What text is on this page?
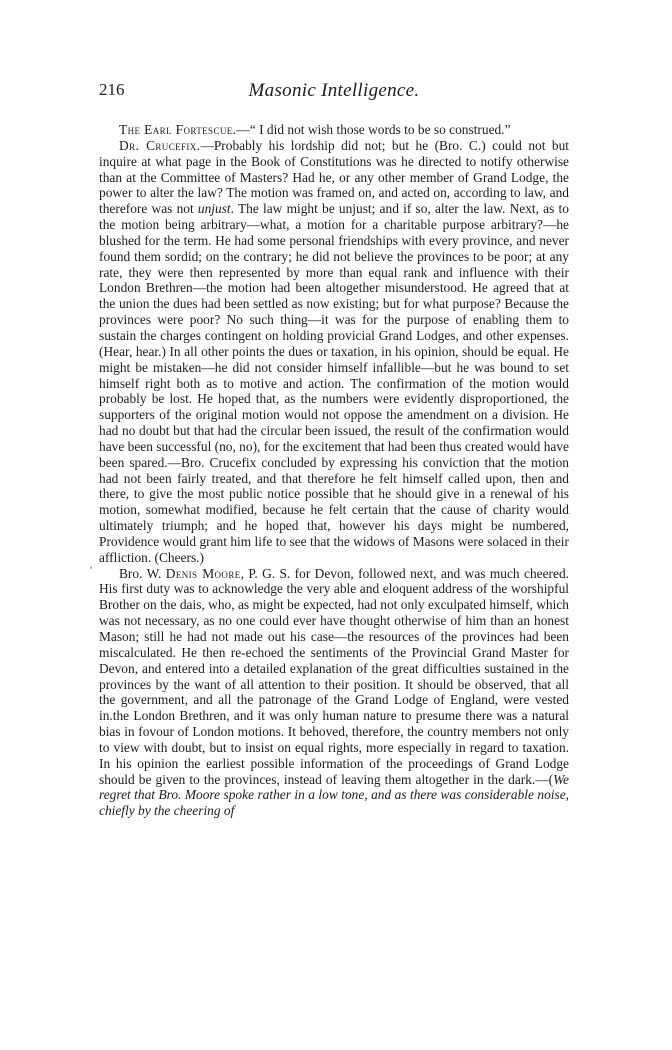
216	Masonic Intelligence.
'

The Earl Fortescue.—“ I did not wish those words to be so construed.”

Dr. Crucefix.—Probably his lordship did not; but he (Bro. C.) could not but inquire at what page in the Book of Constitutions was he directed to notify otherwise than at the Committee of Masters? Had he, or any other member of Grand Lodge, the power to alter the law? The motion was framed on, and acted on, according to law, and therefore was not unjust. The law might be unjust; and if so, alter the law. Next, as to the motion being arbitrary—what, a motion for a charitable purpose arbitrary?—he blushed for the term. He had some personal friendships with every province, and never found them sordid; on the contrary; he did not believe the provinces to be poor; at any rate, they were then represented by more than equal rank and influence with their London Brethren—the motion had been altogether misunderstood. He agreed that at the union the dues had been settled as now existing; but for what purpose? Because the provinces were poor? No such thing—it was for the purpose of enabling them to sustain the charges contingent on holding provicial Grand Lodges, and other expenses. (Hear, hear.) In all other points the dues or taxation, in his opinion, should be equal. He might be mistaken—he did not consider himself infallible—but he was bound to set himself right both as to motive and action. The confirmation of the motion would probably be lost. He hoped that, as the numbers were evidently disproportioned, the supporters of the original motion would not oppose the amendment on a division. He had no doubt but that had the circular been issued, the result of the confirmation would have been successful (no, no), for the excitement that had been thus created would have been spared.—Bro. Crucefix concluded by expressing his conviction that the motion had not been fairly treated, and that therefore he felt himself called upon, then and there, to give the most public notice possible that he should give in a renewal of his motion, somewhat modified, because he felt certain that the cause of charity would ultimately triumph; and he hoped that, however his days might be numbered, Providence would grant him life to see that the widows of Masons were solaced in their affliction. (Cheers.)

Bro. W. Denis Moore, P. G. S. for Devon, followed next, and was much cheered. His first duty was to acknowledge the very able and eloquent address of the worshipful Brother on the dais, who, as might be expected, had not only exculpated himself, which was not necessary, as no one could ever have thought otherwise of him than an honest Mason; still he had not made out his case—the resources of the provinces had been miscalculated. He then re-echoed the sentiments of the Provincial Grand Master for Devon, and entered into a detailed explanation of the great difficulties sustained in the provinces by the want of all attention to their position. It should be observed, that all the government, and all the patronage of the Grand Lodge of England, were vested in.the London Brethren, and it was only human nature to presume there was a natural bias in fovour of London motions. It behoved, therefore, the country members not only to view with doubt, but to insist on equal rights, more especially in regard to taxation. In his opinion the earliest possible information of the proceedings of Grand Lodge should be given to the provinces, instead of leaving them altogether in the dark.—(We regret that Bro. Moore spoke rather in a low tone, and as there was considerable noise, chiefly by the cheering of
